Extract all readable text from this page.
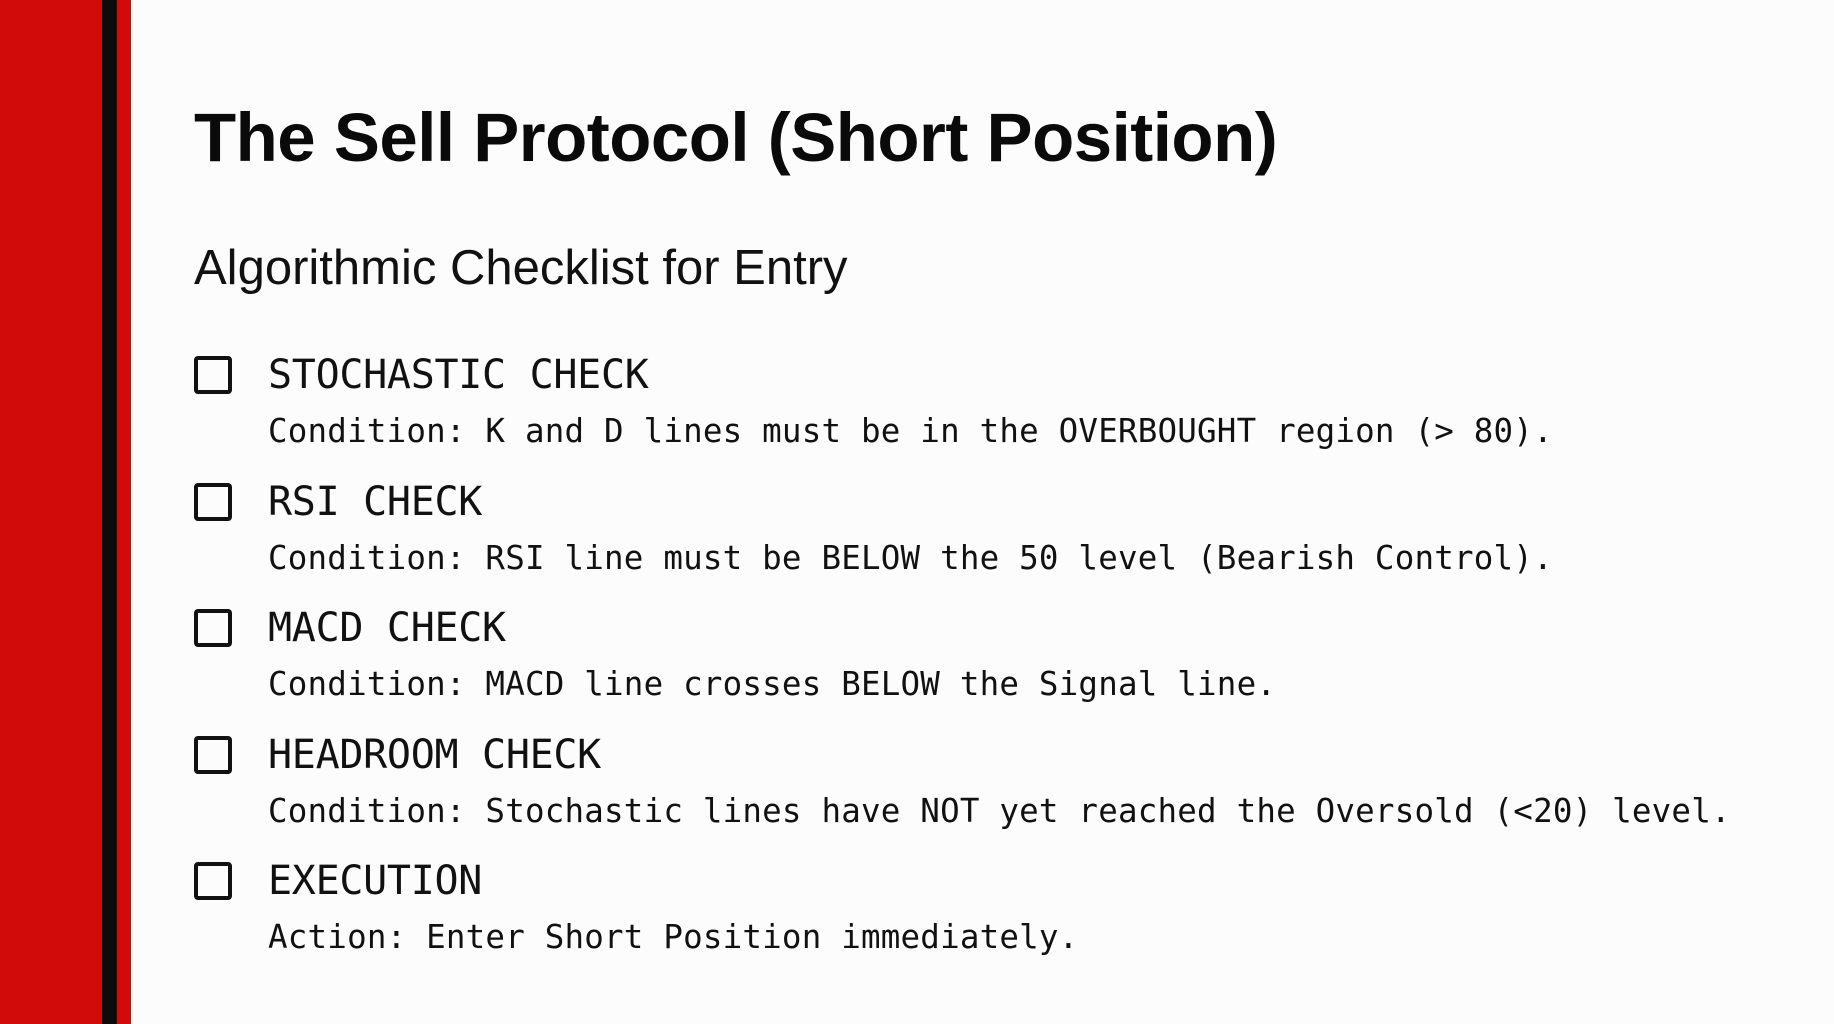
The Sell Protocol (Short Position)
Algorithmic Checklist for Entry
STOCHASTIC CHECK
Condition: K and D lines must be in the OVERBOUGHT region (> 80).
RSI CHECK
Condition: RSI line must be BELOW the 50 level (Bearish Control).
MACD CHECK
Condition: MACD line crosses BELOW the Signal line.
HEADROOM CHECK
Condition: Stochastic lines have NOT yet reached the Oversold (<20) level.
EXECUTION
Action: Enter Short Position immediately.
